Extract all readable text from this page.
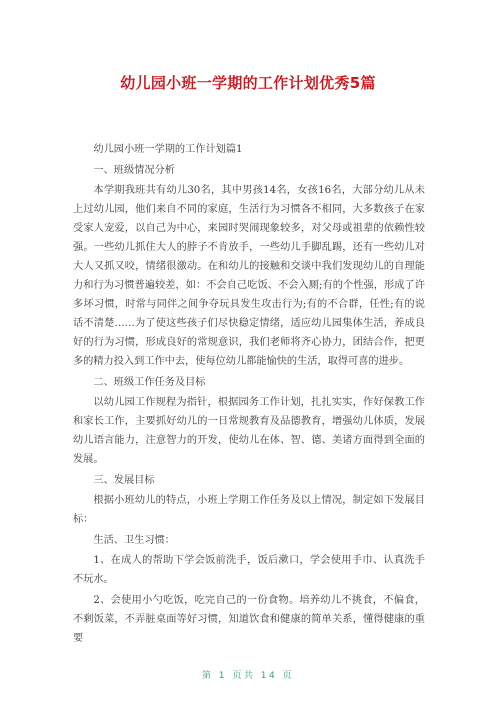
幼儿园小班一学期的工作计划优秀5篇

幼儿园小班一学期的工作计划篇1

一、班级情况分析

本学期我班共有幼儿30名，其中男孩14名，女孩16名，大部分幼儿从未上过幼儿园，他们来自不同的家庭，生活行为习惯各不相同，大多数孩子在家受家人宠爱，以自己为中心，来园时哭闹现象较多，对父母或祖辈的依赖性较强。一些幼儿抓住大人的脖子不肯放手，一些幼儿手脚乱踢，还有一些幼儿对大人又抓又咬，情绪很激动。在和幼儿的接触和交谈中我们发现幼儿的自理能力和行为习惯普遍较差，如：不会自己吃饭、不会入厕;有的个性强，形成了许多坏习惯，时常与同伴之间争夺玩具发生攻击行为;有的不合群，任性;有的说话不清楚……为了使这些孩子们尽快稳定情绪，适应幼儿园集体生活，养成良好的行为习惯，形成良好的常规意识，我们老师将齐心协力，团结合作，把更多的精力投入到工作中去，使每位幼儿都能愉快的生活，取得可喜的进步。

二、班级工作任务及目标

以幼儿园工作规程为指针，根据园务工作计划，扎扎实实，作好保教工作和家长工作，主要抓好幼儿的一日常规教育及品德教育，增强幼儿体质，发展幼儿语言能力，注意智力的开发，使幼儿在体、智、德、美诸方面得到全面的发展。

三、发展目标

根据小班幼儿的特点，小班上学期工作任务及以上情况，制定如下发展目标：

生活、卫生习惯：

1、在成人的帮助下学会饭前洗手，饭后漱口，学会使用手巾、认真洗手不玩水。

2、会使用小勺吃饭，吃完自己的一份食物。培养幼儿不挑食，不偏食，不剩饭菜，不弄脏桌面等好习惯，知道饮食和健康的简单关系，懂得健康的重要

第 1 页共 14 页
